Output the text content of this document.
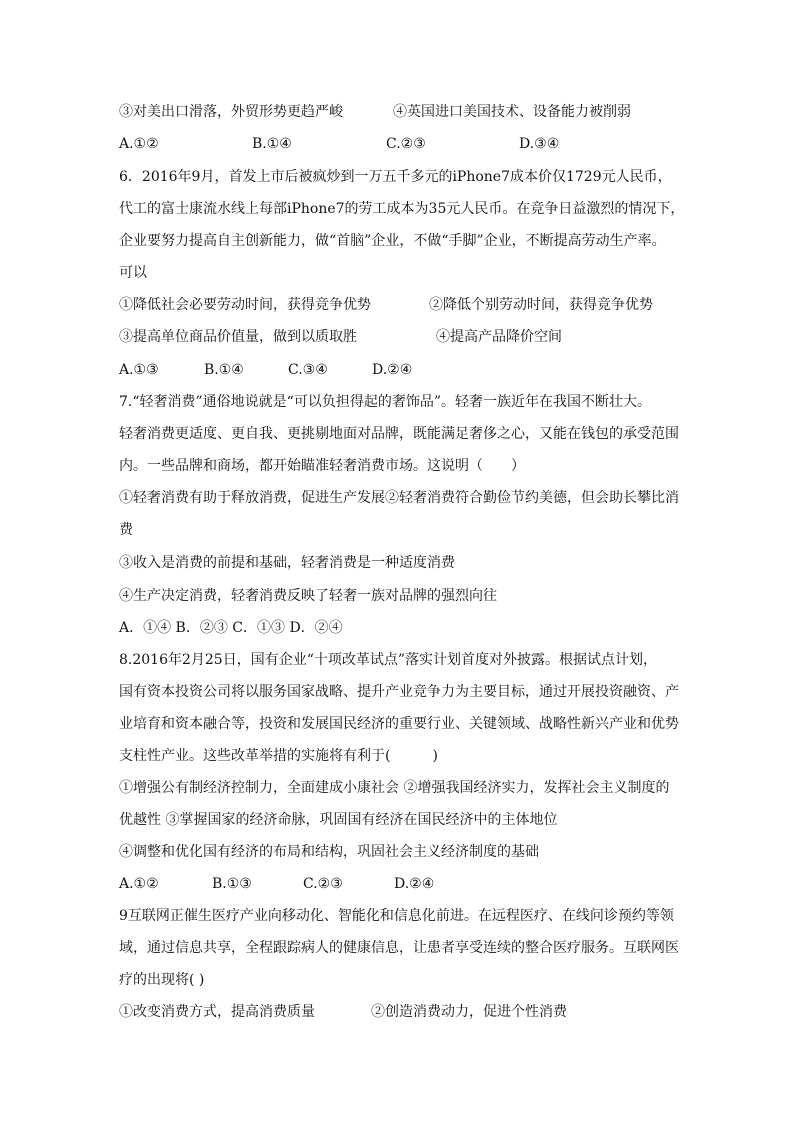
③对美出口滑落，外贸形势更趋严峻	④英国进口美国技术、设备能力被削弱
A.①②	B.①④	C.②③	D.③④
6．2016年9月，首发上市后被疯炒到一万五千多元的iPhone7成本价仅1729元人民币，
代工的富士康流水线上每部iPhone7的劳工成本为35元人民币。在竞争日益激烈的情况下，
企业要努力提高自主创新能力，做“首脑”企业，不做“手脚”企业，不断提高劳动生产率。
可以
①降低社会必要劳动时间，获得竞争优势	②降低个别劳动时间，获得竞争优势
③提高单位商品价值量，做到以质取胜	④提高产品降价空间
A.①③	B.①④	C.③④	D.②④
7.“轻奢消费”通俗地说就是“可以负担得起的奢饰品”。轻奢一族近年在我国不断壮大。
轻奢消费更适度、更自我、更挑剔地面对品牌，既能满足奢侈之心，又能在钱包的承受范围
内。一些品牌和商场，都开始瞄准轻奢消费市场。这说明（　　）
①轻奢消费有助于释放消费，促进生产发展②轻奢消费符合勤俭节约美德，但会助长攀比消
费
③收入是消费的前提和基础，轻奢消费是一种适度消费
④生产决定消费，轻奢消费反映了轻奢一族对品牌的强烈向往
A．①④ B．②③ C．①③ D．②④
8.2016年2月25日，国有企业“十项改革试点”落实计划首度对外披露。根据试点计划，
国有资本投资公司将以服务国家战略、提升产业竞争力为主要目标，通过开展投资融资、产
业培育和资本融合等，投资和发展国民经济的重要行业、关键领域、战略性新兴产业和优势
支柱性产业。这些改革举措的实施将有利于(　　　)
①增强公有制经济控制力，全面建成小康社会 ②增强我国经济实力，发挥社会主义制度的
优越性 ③掌握国家的经济命脉，巩固国有经济在国民经济中的主体地位
④调整和优化国有经济的布局和结构，巩固社会主义经济制度的基础
A.①②	B.①③	C.②③	D.②④
9互联网正催生医疗产业向移动化、智能化和信息化前进。在远程医疗、在线问诊预约等领
域，通过信息共享，全程跟踪病人的健康信息，让患者享受连续的整合医疗服务。互联网医
疗的出现将( )
①改变消费方式，提高消费质量	②创造消费动力，促进个性消费
